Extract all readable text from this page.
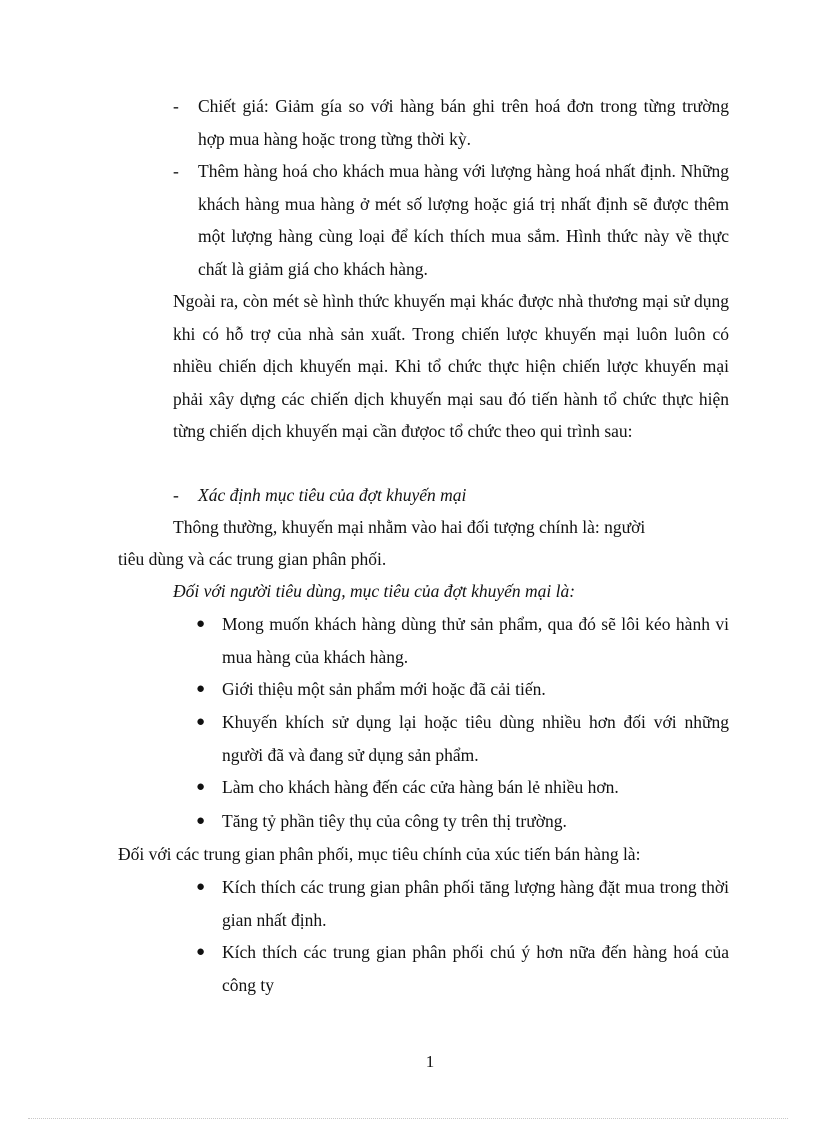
- Chiết giá: Giảm gía so với hàng bán ghi trên hoá đơn trong từng trường hợp mua hàng hoặc trong từng thời kỳ.
- Thêm hàng hoá cho khách mua hàng với lượng hàng hoá nhất định. Những khách hàng mua hàng ở mét số lượng hoặc giá trị nhất định sẽ được thêm một lượng hàng cùng loại để kích thích mua sắm. Hình thức này về thực chất là giảm giá cho khách hàng.
Ngoài ra, còn mét sè hình thức khuyến mại khác được nhà thương mại sử dụng khi có hỗ trợ của nhà sản xuất. Trong chiến lược khuyến mại luôn luôn có nhiều chiến dịch khuyến mại. Khi tổ chức thực hiện chiến lược khuyến mại phải xây dựng các chiến dịch khuyến mại sau đó tiến hành tổ chức thực hiện từng chiến dịch khuyến mại cần đượoc tổ chức theo qui trình sau:
- Xác định mục tiêu của đợt khuyến mại
Thông thường, khuyến mại nhằm vào hai đối tượng chính là: người
tiêu dùng và các trung gian phân phối.
Đối với người tiêu dùng, mục tiêu của đợt khuyến mại là:
● Mong muốn khách hàng dùng thử sản phẩm, qua đó sẽ lôi kéo hành vi mua hàng của khách hàng.
● Giới thiệu một sản phẩm mới hoặc đã cải tiến.
● Khuyến khích sử dụng lại hoặc tiêu dùng nhiều hơn đối với những người đã và đang sử dụng sản phẩm.
● Làm cho khách hàng đến các cửa hàng bán lẻ nhiều hơn.
● Tăng tỷ phần tiêy thụ của công ty trên thị trường.
Đối với các trung gian phân phối, mục tiêu chính của xúc tiến bán hàng là:
● Kích thích các trung gian phân phối tăng lượng hàng đặt mua trong thời gian nhất định.
● Kích thích các trung gian phân phối chú ý hơn nữa đến hàng hoá của công ty
1
